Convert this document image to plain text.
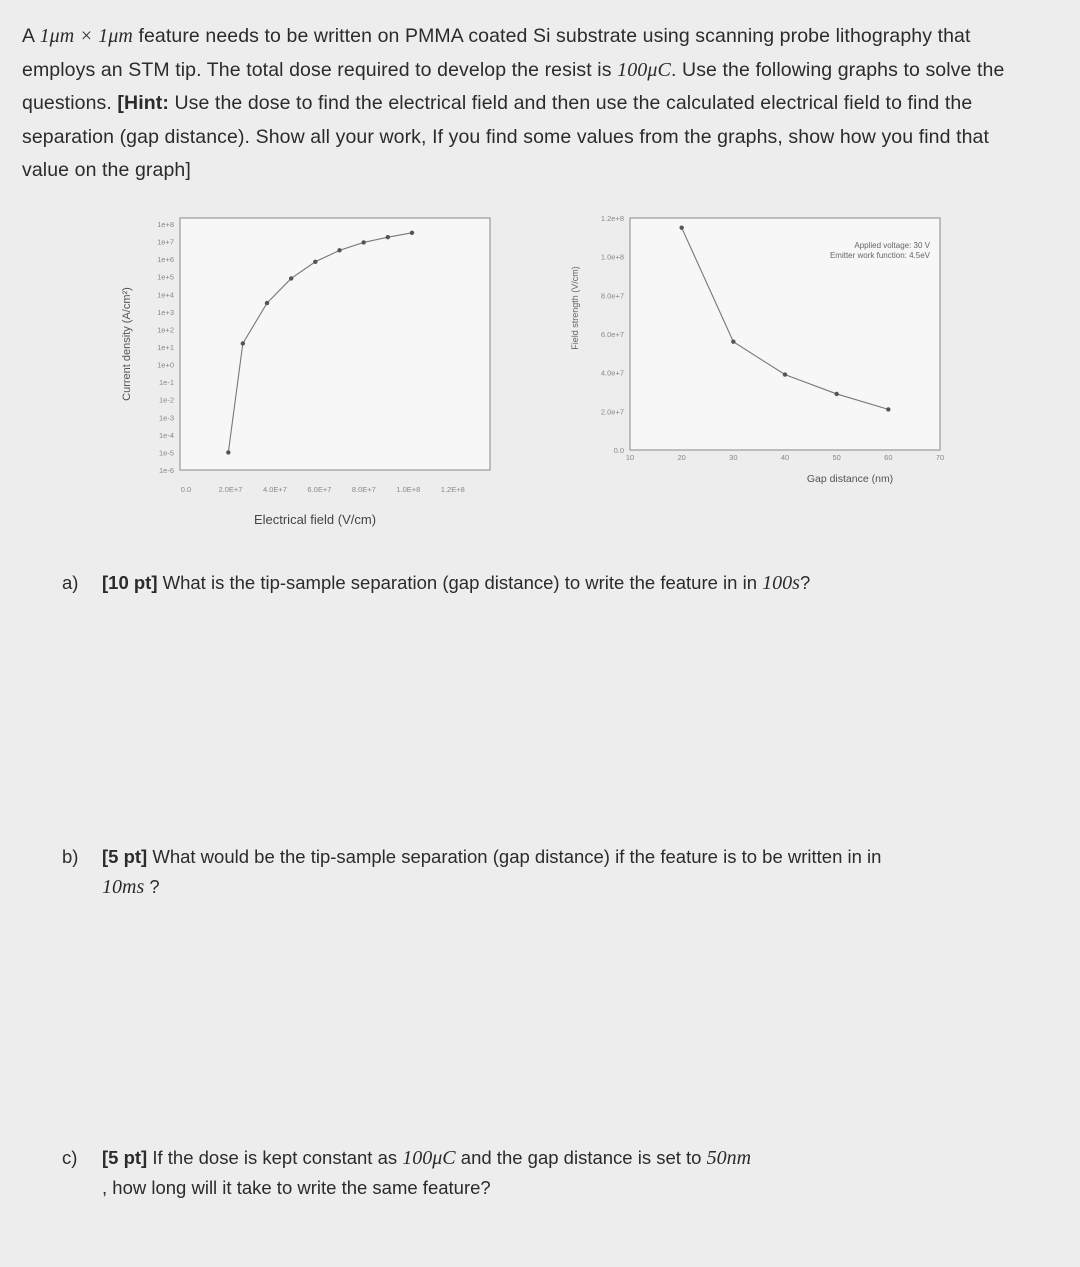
A 1μm × 1μm feature needs to be written on PMMA coated Si substrate using scanning probe lithography that employs an STM tip. The total dose required to develop the resist is 100μC. Use the following graphs to solve the questions. [Hint: Use the dose to find the electrical field and then use the calculated electrical field to find the separation (gap distance). Show all your work, If you find some values from the graphs, show how you find that value on the graph]
1e-6
1e-5
1e-4
1e-3
1e-2
1e-1
1e+0
1e+1
1e+2
1e+3
1e+4
1e+5
1e+6
1e+7
1e+8
0.0	2.0E+7	4.0E+7	6.0E+7	8.0E+7	1.0E+8	1.2E+8
Electrical field (V/cm)
Current density (A/cm²)
0.0
2.0e+7
4.0e+7
6.0e+7
8.0e+7
1.0e+8
1.2e+8
10	20	30	40	50	60	70
Gap distance (nm)
Field strength (V/cm)
Applied voltage: 30 V
Emitter work function: 4.5eV
a) [10 pt] What is the tip-sample separation (gap distance) to write the feature in in 100s?
b) [5 pt] What would be the tip-sample separation (gap distance) if the feature is to be written in in
10ms ?
c) [5 pt] If the dose is kept constant as 100μC and the gap distance is set to 50nm
, how long will it take to write the same feature?
